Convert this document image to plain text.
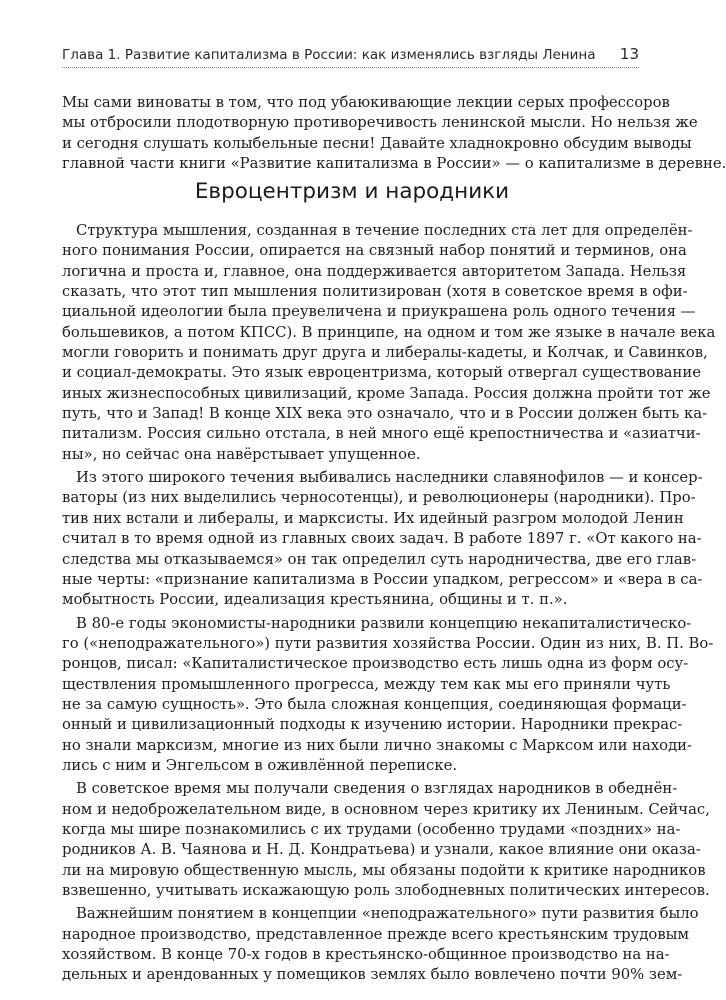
Глава 1. Развитие капитализма в России: как изменялись взгляды Ленина 13
Мы сами виноваты в том, что под убаюкивающие лекции серых профессоров
мы отбросили плодотворную противоречивость ленинской мысли. Но нельзя же
и сегодня слушать колыбельные песни! Давайте хладнокровно обсудим выводы
главной части книги «Развитие капитализма в России» — о капитализме в деревне.
Евроцентризм и народники
Структура мышления, созданная в течение последних ста лет для определён-
ного понимания России, опирается на связный набор понятий и терминов, она
логична и проста и, главное, она поддерживается авторитетом Запада. Нельзя
сказать, что этот тип мышления политизирован (хотя в советское время в офи-
циальной идеологии была преувеличена и приукрашена роль одного течения —
большевиков, а потом КПСС). В принципе, на одном и том же языке в начале века
могли говорить и понимать друг друга и либералы-кадеты, и Колчак, и Савинков,
и социал-демократы. Это язык евроцентризма, который отвергал существование
иных жизнеспособных цивилизаций, кроме Запада. Россия должна пройти тот же
путь, что и Запад! В конце XIX века это означало, что и в России должен быть ка-
питализм. Россия сильно отстала, в ней много ещё крепостничества и «азиатчи-
ны», но сейчас она навёрстывает упущенное.
Из этого широкого течения выбивались наследники славянофилов — и консер-
ваторы (из них выделились черносотенцы), и революционеры (народники). Про-
тив них встали и либералы, и марксисты. Их идейный разгром молодой Ленин
считал в то время одной из главных своих задач. В работе 1897 г. «От какого на-
следства мы отказываемся» он так определил суть народничества, две его глав-
ные черты: «признание капитализма в России упадком, регрессом» и «вера в са-
мобытность России, идеализация крестьянина, общины и т. п.».
В 80-е годы экономисты-народники развили концепцию некапиталистическо-
го («неподражательного») пути развития хозяйства России. Один из них, В. П. Во-
ронцов, писал: «Капиталистическое производство есть лишь одна из форм осу-
ществления промышленного прогресса, между тем как мы его приняли чуть
не за самую сущность». Это была сложная концепция, соединяющая формаци-
онный и цивилизационный подходы к изучению истории. Народники прекрас-
но знали марксизм, многие из них были лично знакомы с Марксом или находи-
лись с ним и Энгельсом в оживлённой переписке.
В советское время мы получали сведения о взглядах народников в обеднён-
ном и недоброжелательном виде, в основном через критику их Лениным. Сейчас,
когда мы шире познакомились с их трудами (особенно трудами «поздних» на-
родников А. В. Чаянова и Н. Д. Кондратьева) и узнали, какое влияние они оказа-
ли на мировую общественную мысль, мы обязаны подойти к критике народников
взвешенно, учитывать искажающую роль злободневных политических интересов.
Важнейшим понятием в концепции «неподражательного» пути развития было
народное производство, представленное прежде всего крестьянским трудовым
хозяйством. В конце 70-х годов в крестьянско-общинное производство на на-
дельных и арендованных у помещиков землях было вовлечено почти 90% зем-
